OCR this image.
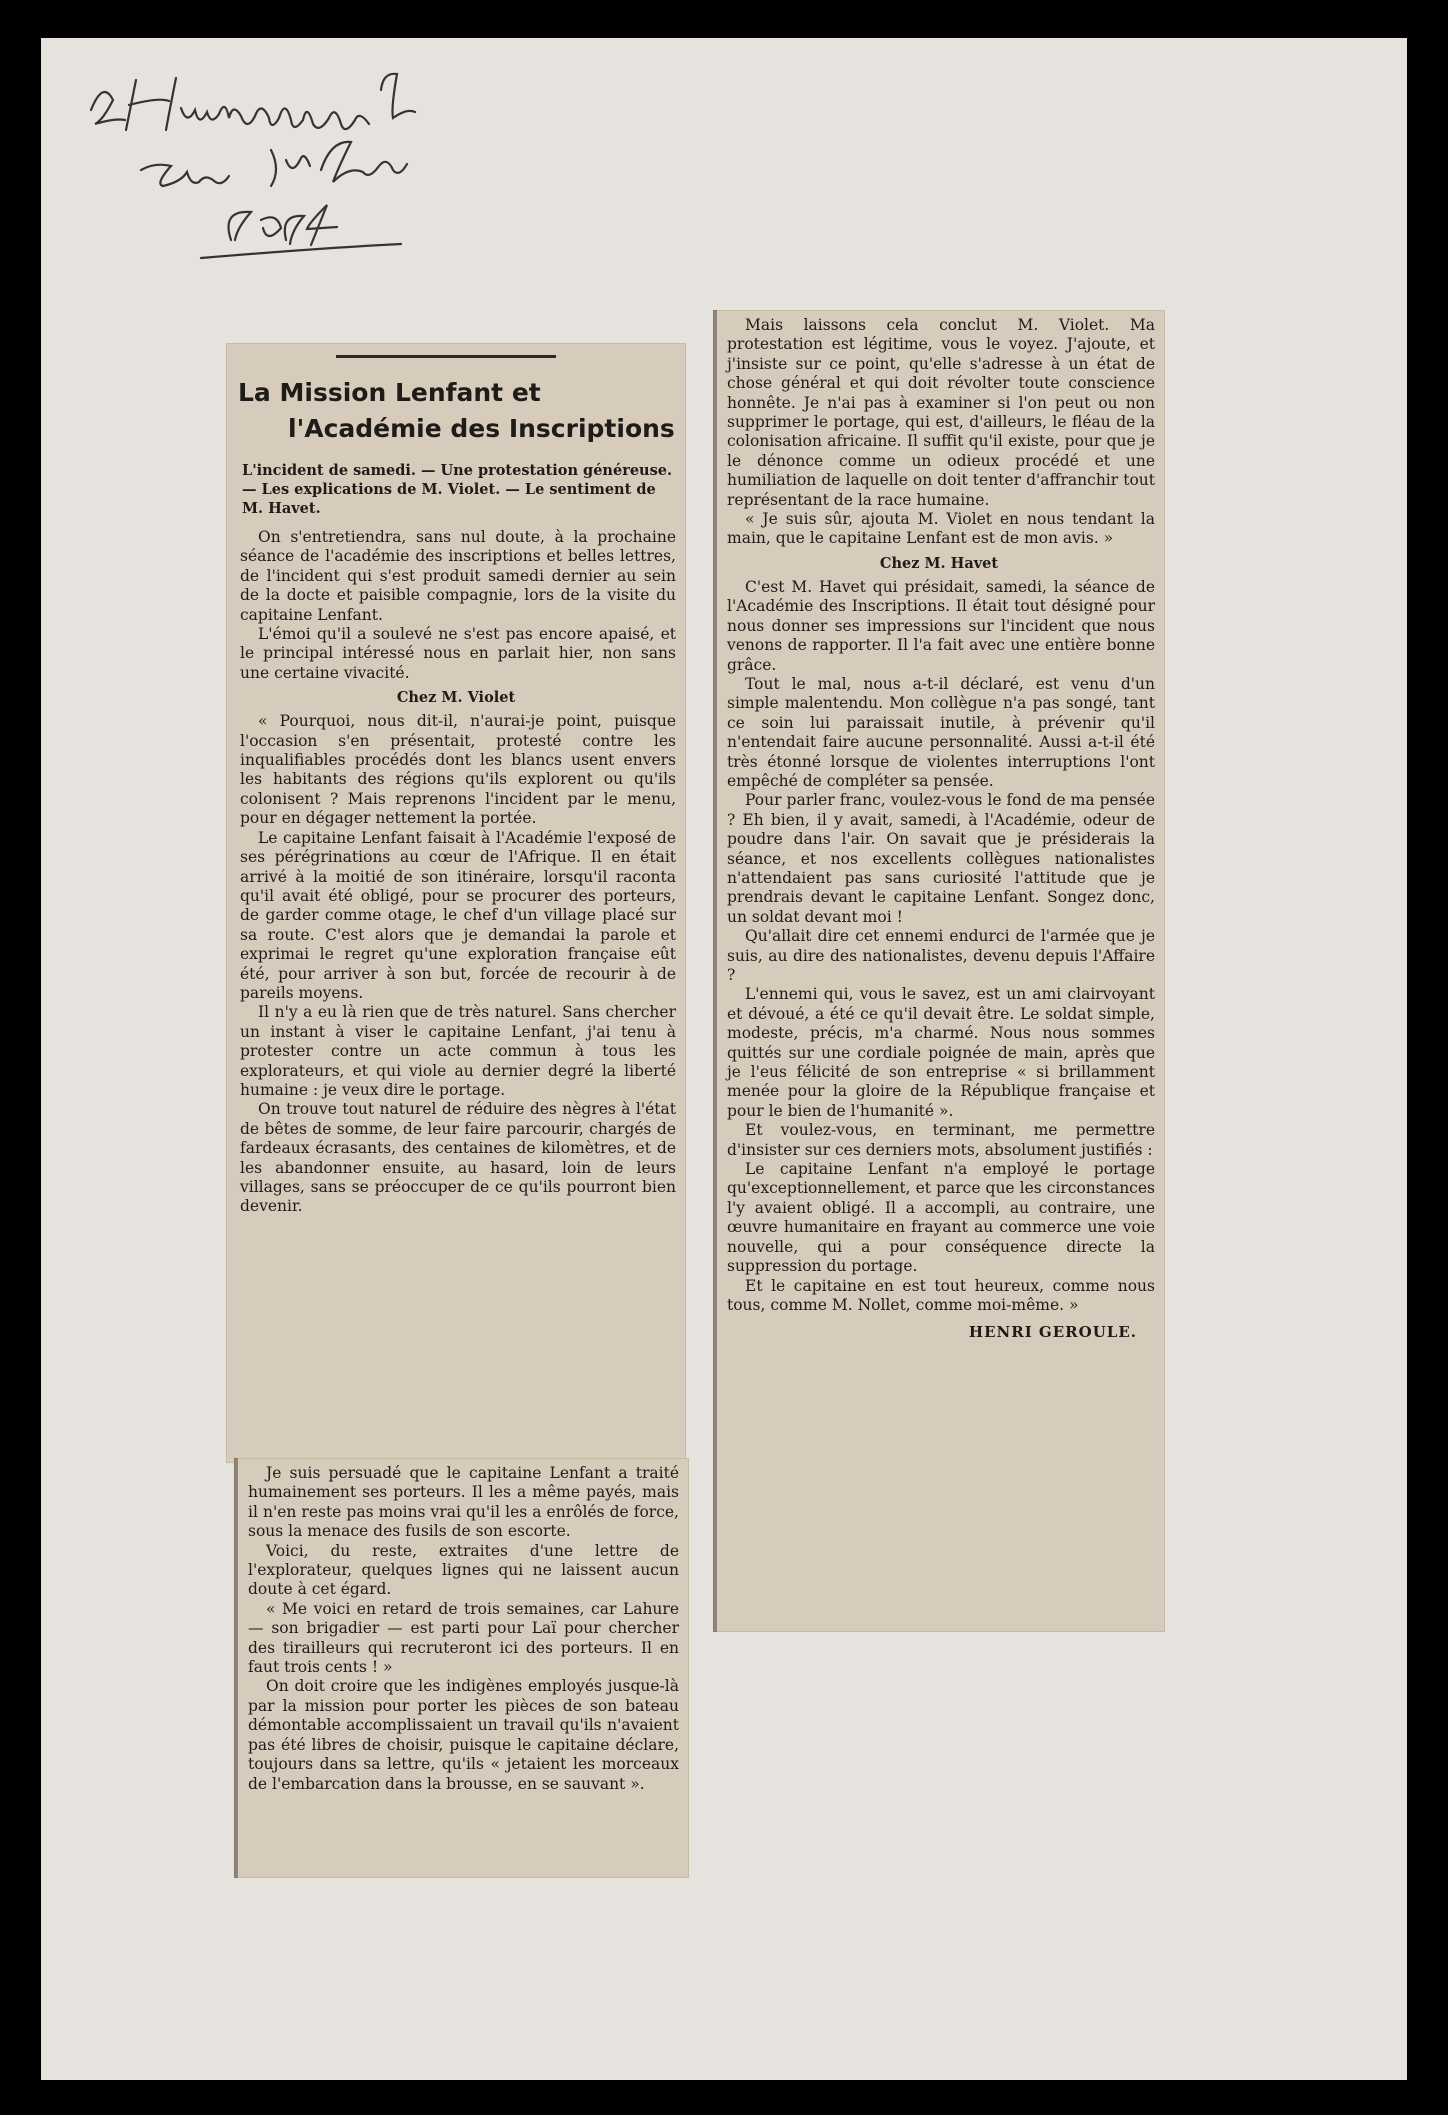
La Mission Lenfant et
l'Académie des Inscriptions
L'incident de samedi. — Une protestation généreuse. — Les explications de M. Violet. — Le sentiment de M. Havet.

On s'entretiendra, sans nul doute, à la prochaine séance de l'académie des inscriptions et belles lettres, de l'incident qui s'est produit samedi dernier au sein de la docte et paisible compagnie, lors de la visite du capitaine Lenfant.

L'émoi qu'il a soulevé ne s'est pas encore apaisé, et le principal intéressé nous en parlait hier, non sans une certaine vivacité.

Chez M. Violet

« Pourquoi, nous dit-il, n'aurai-je point, puisque l'occasion s'en présentait, protesté contre les inqualifiables procédés dont les blancs usent envers les habitants des régions qu'ils explorent ou qu'ils colonisent ? Mais reprenons l'incident par le menu, pour en dégager nettement la portée.

Le capitaine Lenfant faisait à l'Académie l'exposé de ses pérégrinations au cœur de l'Afrique. Il en était arrivé à la moitié de son itinéraire, lorsqu'il raconta qu'il avait été obligé, pour se procurer des porteurs, de garder comme otage, le chef d'un village placé sur sa route. C'est alors que je demandai la parole et exprimai le regret qu'une exploration française eût été, pour arriver à son but, forcée de recourir à de pareils moyens.

Il n'y a eu là rien que de très naturel. Sans chercher un instant à viser le capitaine Lenfant, j'ai tenu à protester contre un acte commun à tous les explorateurs, et qui viole au dernier degré la liberté humaine : je veux dire le portage.

On trouve tout naturel de réduire des nègres à l'état de bêtes de somme, de leur faire parcourir, chargés de fardeaux écrasants, des centaines de kilomètres, et de les abandonner ensuite, au hasard, loin de leurs villages, sans se préoccuper de ce qu'ils pourront bien devenir.

Je suis persuadé que le capitaine Lenfant a traité humainement ses porteurs. Il les a même payés, mais il n'en reste pas moins vrai qu'il les a enrôlés de force, sous la menace des fusils de son escorte.

Voici, du reste, extraites d'une lettre de l'explorateur, quelques lignes qui ne laissent aucun doute à cet égard.

« Me voici en retard de trois semaines, car Lahure — son brigadier — est parti pour Laï pour chercher des tirailleurs qui recruteront ici des porteurs. Il en faut trois cents ! »

On doit croire que les indigènes employés jusque-là par la mission pour porter les pièces de son bateau démontable accomplissaient un travail qu'ils n'avaient pas été libres de choisir, puisque le capitaine déclare, toujours dans sa lettre, qu'ils « jetaient les morceaux de l'embarcation dans la brousse, en se sauvant ».

Mais laissons cela conclut M. Violet. Ma protestation est légitime, vous le voyez. J'ajoute, et j'insiste sur ce point, qu'elle s'adresse à un état de chose général et qui doit révolter toute conscience honnête. Je n'ai pas à examiner si l'on peut ou non supprimer le portage, qui est, d'ailleurs, le fléau de la colonisation africaine. Il suffit qu'il existe, pour que je le dénonce comme un odieux procédé et une humiliation de laquelle on doit tenter d'affranchir tout représentant de la race humaine.

« Je suis sûr, ajouta M. Violet en nous tendant la main, que le capitaine Lenfant est de mon avis. »

Chez M. Havet

C'est M. Havet qui présidait, samedi, la séance de l'Académie des Inscriptions. Il était tout désigné pour nous donner ses impressions sur l'incident que nous venons de rapporter. Il l'a fait avec une entière bonne grâce.

Tout le mal, nous a-t-il déclaré, est venu d'un simple malentendu. Mon collègue n'a pas songé, tant ce soin lui paraissait inutile, à prévenir qu'il n'entendait faire aucune personnalité. Aussi a-t-il été très étonné lorsque de violentes interruptions l'ont empêché de compléter sa pensée.

Pour parler franc, voulez-vous le fond de ma pensée ? Eh bien, il y avait, samedi, à l'Académie, odeur de poudre dans l'air. On savait que je présiderais la séance, et nos excellents collègues nationalistes n'attendaient pas sans curiosité l'attitude que je prendrais devant le capitaine Lenfant. Songez donc, un soldat devant moi !

Qu'allait dire cet ennemi endurci de l'armée que je suis, au dire des nationalistes, devenu depuis l'Affaire ?

L'ennemi qui, vous le savez, est un ami clairvoyant et dévoué, a été ce qu'il devait être. Le soldat simple, modeste, précis, m'a charmé. Nous nous sommes quittés sur une cordiale poignée de main, après que je l'eus félicité de son entreprise « si brillamment menée pour la gloire de la République française et pour le bien de l'humanité ».

Et voulez-vous, en terminant, me permettre d'insister sur ces derniers mots, absolument justifiés :

Le capitaine Lenfant n'a employé le portage qu'exceptionnellement, et parce que les circonstances l'y avaient obligé. Il a accompli, au contraire, une œuvre humanitaire en frayant au commerce une voie nouvelle, qui a pour conséquence directe la suppression du portage.

Et le capitaine en est tout heureux, comme nous tous, comme M. Nollet, comme moi-même. »

HENRI GEROULE.
